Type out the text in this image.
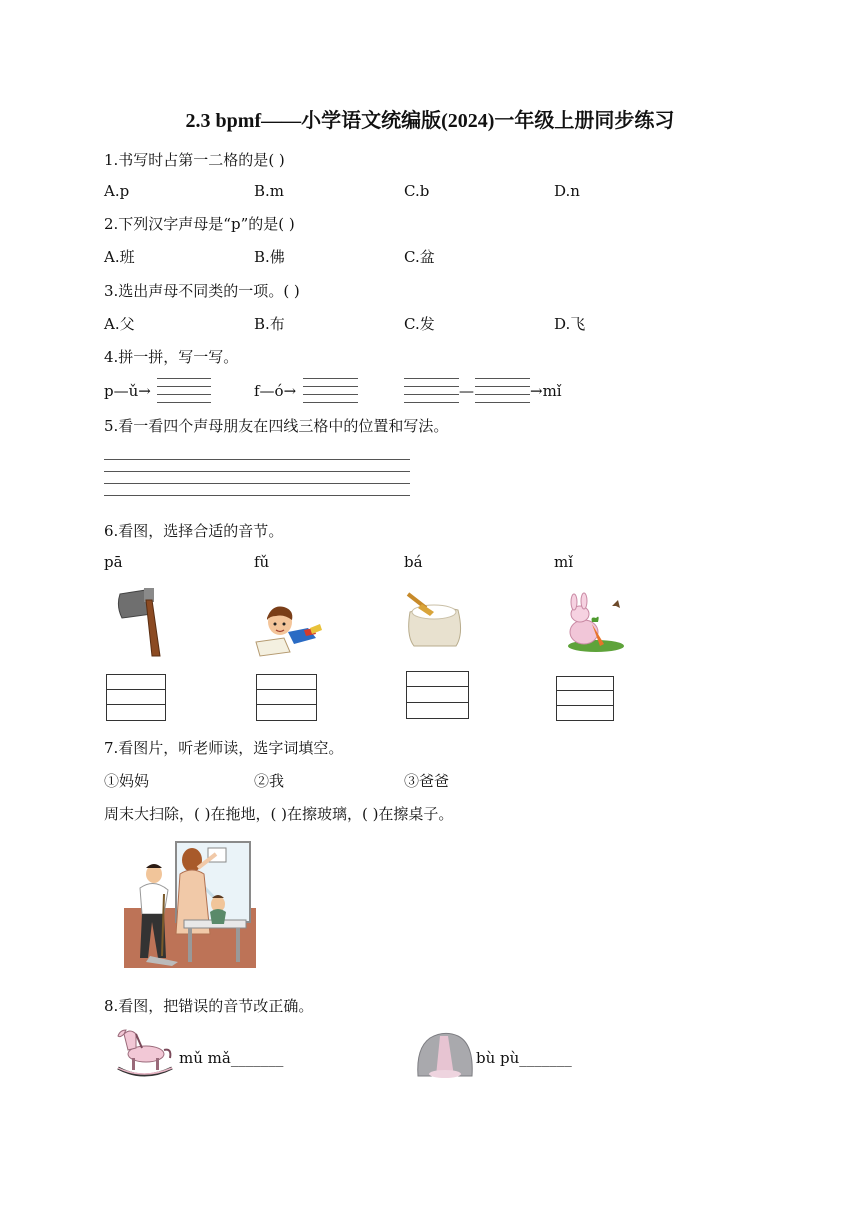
2.3 bpmf——小学语文统编版(2024)一年级上册同步练习
1.书写时占第一二格的是( )
A.p	B.m	C.b	D.n
2.下列汉字声母是“p”的是( )
A.班	B.佛	C.盆
3.选出声母不同类的一项。( )
A.父	B.布	C.发	D.飞
4.拼一拼，写一写。
p—ǔ→	f—ó→	—	→mǐ
5.看一看四个声母朋友在四线三格中的位置和写法。
6.看图，选择合适的音节。
pā	fǔ	bá	mǐ
7.看图片，听老师读，选字词填空。
①妈妈	②我	③爸爸
周末大扫除，( )在拖地，( )在擦玻璃，( )在擦桌子。
8.看图，把错误的音节改正确。
mǔ mǎ_______	bù pù_______
